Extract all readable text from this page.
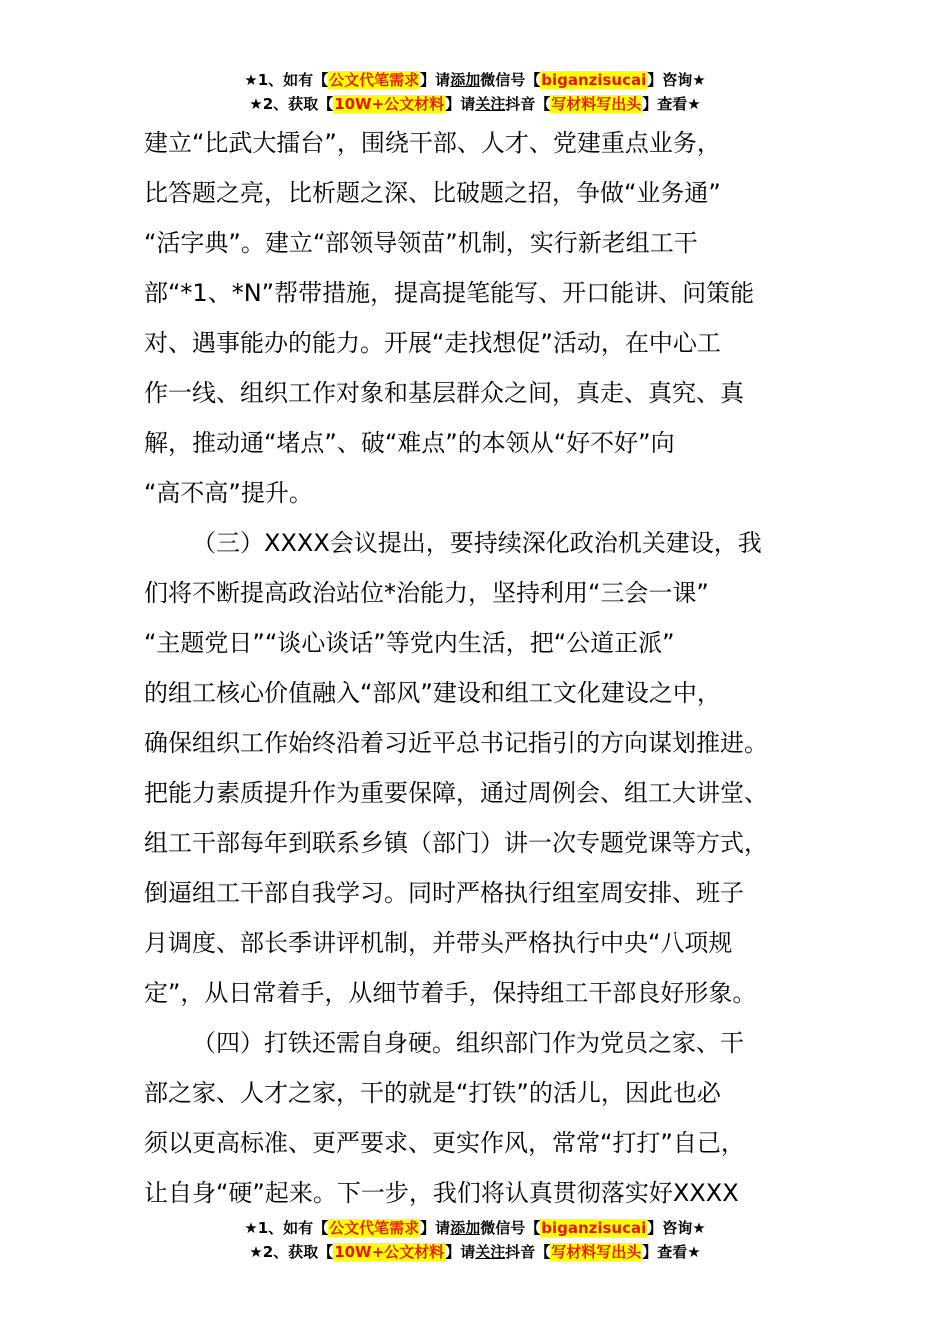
★1、如有【公文代笔需求】请添加微信号【biganzisucai】咨询★
★2、获取【10W+公文材料】请关注抖音【写材料写出头】查看★
建立“比武大擂台”，围绕干部、人才、党建重点业务，
比答题之亮，比析题之深、比破题之招，争做“业务通”
“活字典”。建立“部领导领苗”机制，实行新老组工干
部“*1、*N”帮带措施，提高提笔能写、开口能讲、问策能
对、遇事能办的能力。开展“走找想促”活动，在中心工
作一线、组织工作对象和基层群众之间，真走、真究、真
解，推动通“堵点”、破“难点”的本领从“好不好”向
“高不高”提升。
（三）XXXX会议提出，要持续深化政治机关建设，我
们将不断提高政治站位*治能力，坚持利用“三会一课”
“主题党日”“谈心谈话”等党内生活，把“公道正派”
的组工核心价值融入“部风”建设和组工文化建设之中，
确保组织工作始终沿着习近平总书记指引的方向谋划推进。
把能力素质提升作为重要保障，通过周例会、组工大讲堂、
组工干部每年到联系乡镇（部门）讲一次专题党课等方式，
倒逼组工干部自我学习。同时严格执行组室周安排、班子
月调度、部长季讲评机制，并带头严格执行中央“八项规
定”，从日常着手，从细节着手，保持组工干部良好形象。
（四）打铁还需自身硬。组织部门作为党员之家、干
部之家、人才之家，干的就是“打铁”的活儿，因此也必
须以更高标准、更严要求、更实作风，常常“打打”自己，
让自身“硬”起来。下一步，我们将认真贯彻落实好XXXX
★1、如有【公文代笔需求】请添加微信号【biganzisucai】咨询★
★2、获取【10W+公文材料】请关注抖音【写材料写出头】查看★
